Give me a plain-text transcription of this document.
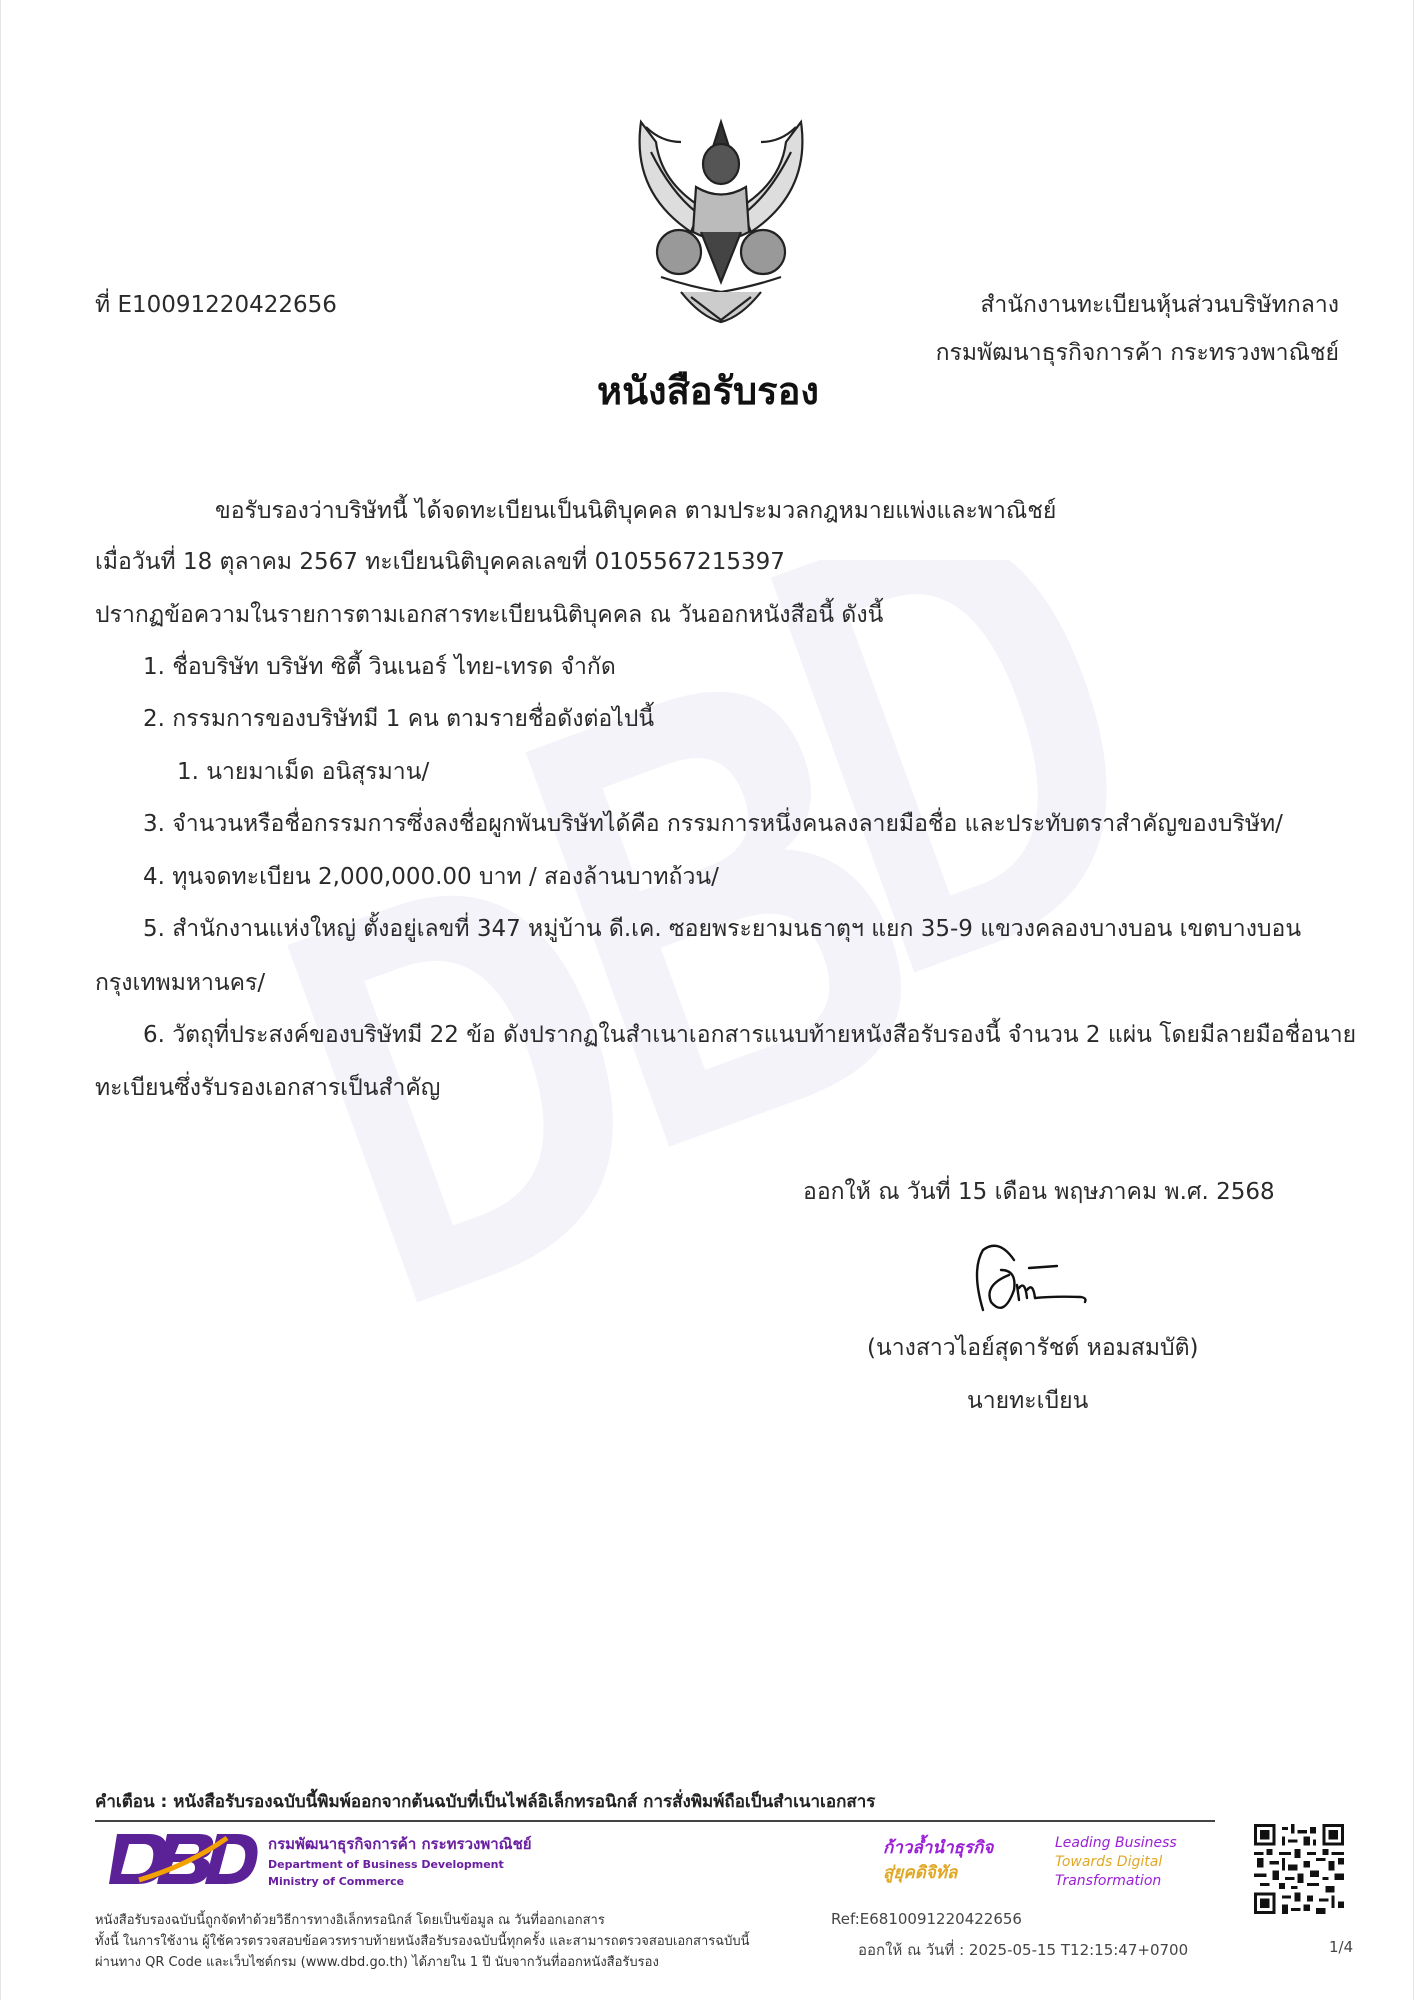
ที่ E10091220422656	สำนักงานทะเบียนหุ้นส่วนบริษัทกลาง
กรมพัฒนาธุรกิจการค้า กระทรวงพาณิชย์
หนังสือรับรอง
ขอรับรองว่าบริษัทนี้ ได้จดทะเบียนเป็นนิติบุคคล ตามประมวลกฎหมายแพ่งและพาณิชย์
เมื่อวันที่ 18 ตุลาคม 2567 ทะเบียนนิติบุคคลเลขที่ 0105567215397
ปรากฏข้อความในรายการตามเอกสารทะเบียนนิติบุคคล ณ วันออกหนังสือนี้ ดังนี้
1. ชื่อบริษัท บริษัท ซิตี้ วินเนอร์ ไทย-เทรด จำกัด
2. กรรมการของบริษัทมี 1 คน ตามรายชื่อดังต่อไปนี้
1. นายมาเม็ด อนิสุรมาน/
3. จำนวนหรือชื่อกรรมการซึ่งลงชื่อผูกพันบริษัทได้คือ กรรมการหนึ่งคนลงลายมือชื่อ และประทับตราสำคัญของบริษัท/
4. ทุนจดทะเบียน 2,000,000.00 บาท / สองล้านบาทถ้วน/
5. สำนักงานแห่งใหญ่ ตั้งอยู่เลขที่ 347 หมู่บ้าน ดี.เค. ซอยพระยามนธาตุฯ แยก 35-9 แขวงคลองบางบอน เขตบางบอน
กรุงเทพมหานคร/
6. วัตถุที่ประสงค์ของบริษัทมี 22 ข้อ ดังปรากฏในสำเนาเอกสารแนบท้ายหนังสือรับรองนี้ จำนวน 2 แผ่น โดยมีลายมือชื่อนาย
ทะเบียนซึ่งรับรองเอกสารเป็นสำคัญ
ออกให้ ณ วันที่ 15 เดือน พฤษภาคม พ.ศ. 2568
(นางสาวไอย์สุดารัชต์ หอมสมบัติ)
นายทะเบียน
คำเตือน : หนังสือรับรองฉบับนี้พิมพ์ออกจากต้นฉบับที่เป็นไฟล์อิเล็กทรอนิกส์ การสั่งพิมพ์ถือเป็นสำเนาเอกสาร
กรมพัฒนาธุรกิจการค้า กระทรวงพาณิชย์
Department of Business Development
Ministry of Commerce
ก้าวล้ำนำธุรกิจ
สู่ยุคดิจิทัล
Leading Business
Towards Digital
Transformation
หนังสือรับรองฉบับนี้ถูกจัดทำด้วยวิธีการทางอิเล็กทรอนิกส์ โดยเป็นข้อมูล ณ วันที่ออกเอกสาร
ทั้งนี้ ในการใช้งาน ผู้ใช้ควรตรวจสอบข้อควรทราบท้ายหนังสือรับรองฉบับนี้ทุกครั้ง และสามารถตรวจสอบเอกสารฉบับนี้
ผ่านทาง QR Code และเว็บไซต์กรม (www.dbd.go.th) ได้ภายใน 1 ปี นับจากวันที่ออกหนังสือรับรอง
Ref:E6810091220422656
ออกให้ ณ วันที่ : 2025-05-15 T12:15:47+0700	1/4
